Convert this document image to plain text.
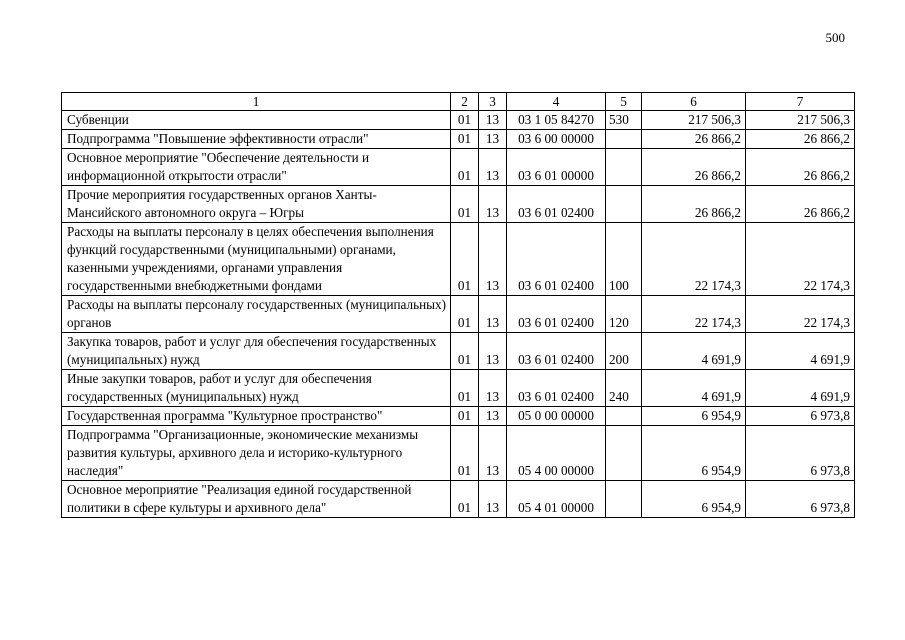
500
1	2	3	4	5	6	7
Субвенции	01	13	03 1 05 84270	530	217 506,3	217 506,3
Подпрограмма "Повышение эффективности отрасли"	01	13	03 6 00 00000		26 866,2	26 866,2
Основное мероприятие "Обеспечение деятельности и информационной открытости отрасли"	01	13	03 6 01 00000		26 866,2	26 866,2
Прочие мероприятия государственных органов Ханты-Мансийского автономного округа – Югры	01	13	03 6 01 02400		26 866,2	26 866,2
Расходы на выплаты персоналу в целях обеспечения выполнения функций государственными (муниципальными) органами, казенными учреждениями, органами управления государственными внебюджетными фондами	01	13	03 6 01 02400	100	22 174,3	22 174,3
Расходы на выплаты персоналу государственных (муниципальных) органов	01	13	03 6 01 02400	120	22 174,3	22 174,3
Закупка товаров, работ и услуг для обеспечения государственных (муниципальных) нужд	01	13	03 6 01 02400	200	4 691,9	4 691,9
Иные закупки товаров, работ и услуг для обеспечения государственных (муниципальных) нужд	01	13	03 6 01 02400	240	4 691,9	4 691,9
Государственная программа "Культурное пространство"	01	13	05 0 00 00000		6 954,9	6 973,8
Подпрограмма "Организационные, экономические механизмы развития культуры, архивного дела и историко-культурного наследия"	01	13	05 4 00 00000		6 954,9	6 973,8
Основное мероприятие "Реализация единой государственной политики в сфере культуры и архивного дела"	01	13	05 4 01 00000		6 954,9	6 973,8
